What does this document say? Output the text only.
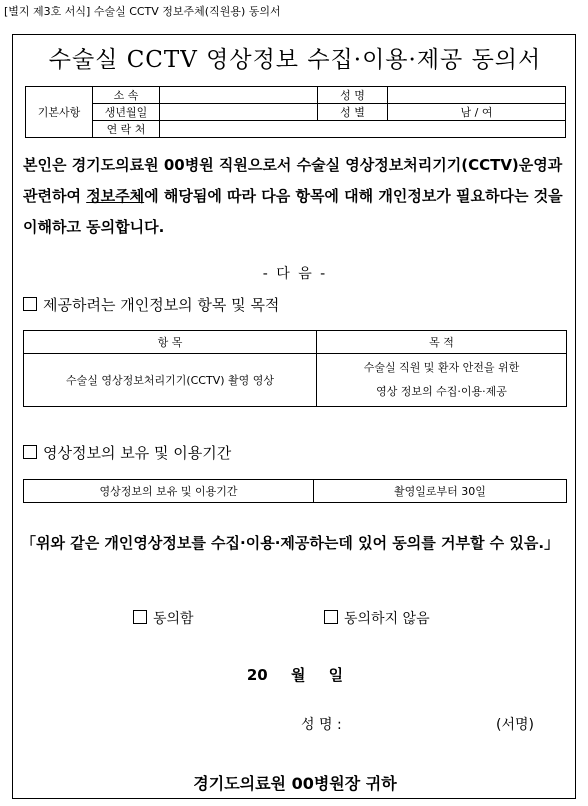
[별지 제3호 서식] 수술실 CCTV 정보주체(직원용) 동의서
수술실 CCTV 영상정보 수집·이용·제공 동의서
기본사항	소 속		성 명	
	생년월일		성 별	남 / 여
	연 락 처			
본인은 경기도의료원 00병원 직원으로서 수술실 영상정보처리기기(CCTV)운영과 관련하여 정보주체에 해당됨에 따라 다음 항목에 대해 개인정보가 필요하다는 것을 이해하고 동의합니다.
- 다 음 -
제공하려는 개인정보의 항목 및 목적
항 목	목 적
수술실 영상정보처리기기(CCTV) 촬영 영상	수술실 직원 및 환자 안전을 위한
영상 정보의 수집·이용·제공
영상정보의 보유 및 이용기간
영상정보의 보유 및 이용기간	촬영일로부터 30일
「위와 같은 개인영상정보를 수집·이용·제공하는데 있어 동의를 거부할 수 있음.」
동의함	동의하지 않음
20 월 일
성 명 :	(서명)
경기도의료원 00병원장 귀하
